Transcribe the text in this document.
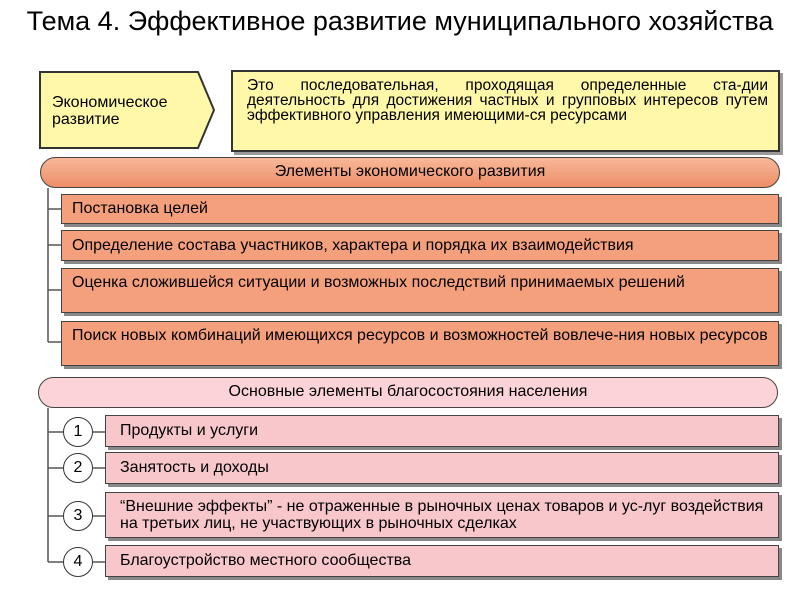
Тема 4. Эффективное развитие муниципального хозяйства
Экономическое развитие
Это последовательная, проходящая определенные ста-дии деятельность для достижения частных и групповых интересов путем эффективного управления имеющими-ся ресурсами
Элементы экономического развития
Постановка целей
Определение состава участников, характера и порядка их взаимодействия
Оценка сложившейся ситуации и возможных последствий принимаемых решений
Поиск новых комбинаций имеющихся ресурсов и возможностей вовлече-ния новых ресурсов
Основные элементы благосостояния населения
1	Продукты и услуги
2	Занятость и доходы
3
“Внешние эффекты” - не отраженные в рыночных ценах товаров и ус-луг воздействия на третьих лиц, не участвующих в рыночных сделках
4	Благоустройство местного сообщества
